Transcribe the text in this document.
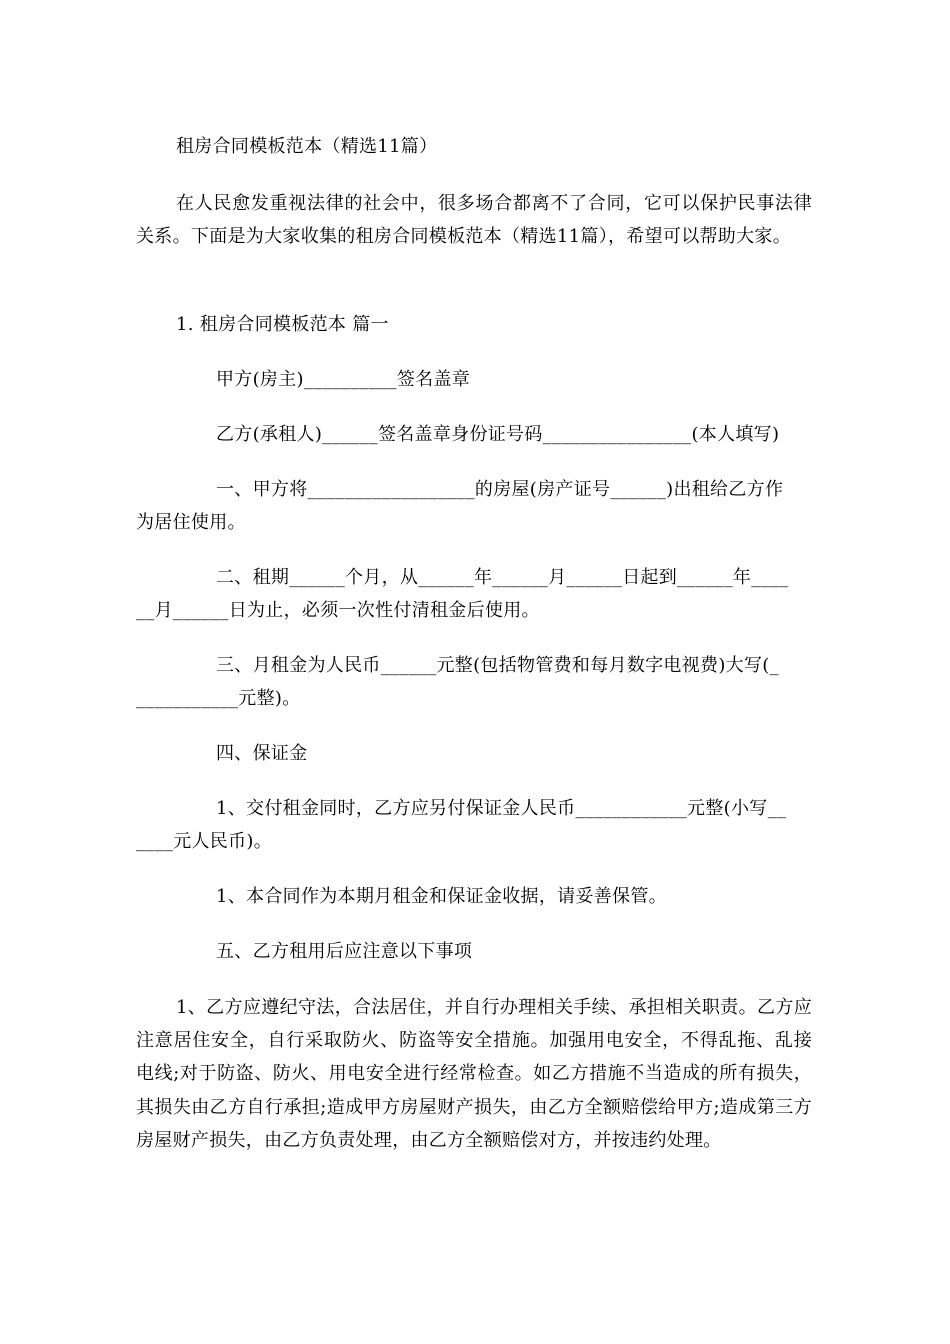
租房合同模板范本（精选11篇）
在人民愈发重视法律的社会中，很多场合都离不了合同，它可以保护民事法律关系。下面是为大家收集的租房合同模板范本（精选11篇），希望可以帮助大家。
1. 租房合同模板范本 篇一
甲方(房主)__________签名盖章
乙方(承租人)______签名盖章身份证号码________________(本人填写)
一、甲方将__________________的房屋(房产证号______)出租给乙方作
为居住使用。
二、租期______个月，从______年______月______日起到______年____
__月______日为止，必须一次性付清租金后使用。
三、月租金为人民币______元整(包括物管费和每月数字电视费)大写(_
___________元整)。
四、保证金
1、交付租金同时，乙方应另付保证金人民币____________元整(小写__
____元人民币)。
1、本合同作为本期月租金和保证金收据，请妥善保管。
五、乙方租用后应注意以下事项
1、乙方应遵纪守法，合法居住，并自行办理相关手续、承担相关职责。乙方应注意居住安全，自行采取防火、防盗等安全措施。加强用电安全，不得乱拖、乱接电线;对于防盗、防火、用电安全进行经常检查。如乙方措施不当造成的所有损失，其损失由乙方自行承担;造成甲方房屋财产损失，由乙方全额赔偿给甲方;造成第三方房屋财产损失，由乙方负责处理，由乙方全额赔偿对方，并按违约处理。
